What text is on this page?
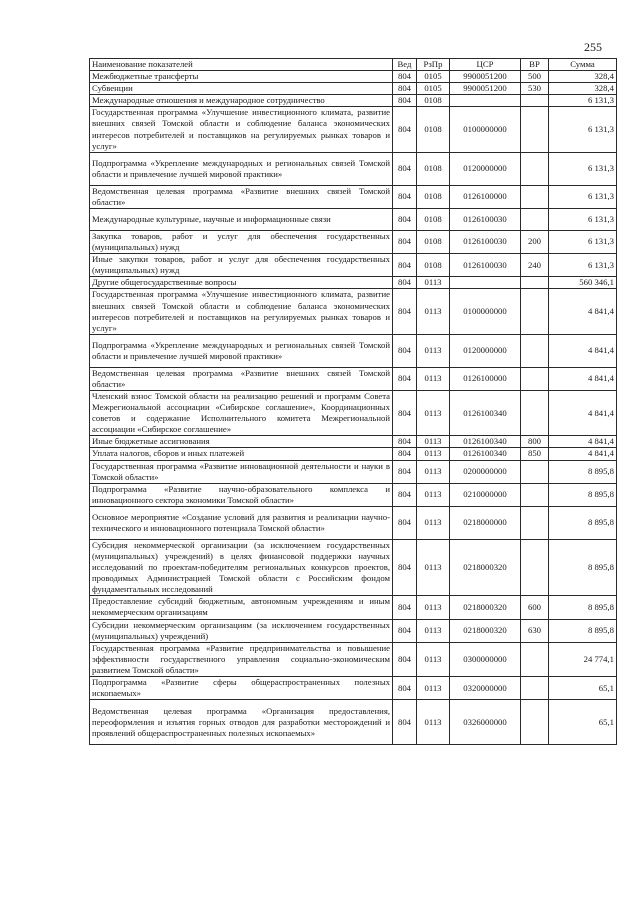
255
Наименование показателей	Вед	РзПр	ЦСР	ВР	Сумма
Межбюджетные трансферты	804	0105	9900051200	500	328,4
Субвенции	804	0105	9900051200	530	328,4
Международные отношения и международное сотрудничество	804	0108			6 131,3
Государственная программа «Улучшение инвестиционного климата, развитие внешних связей Томской области и соблюдение баланса экономических интересов потребителей и поставщиков на регулируемых рынках товаров и услуг»	804	0108	0100000000		6 131,3
Подпрограмма «Укрепление международных и региональных связей Томской области и привлечение лучшей мировой практики»	804	0108	0120000000		6 131,3
Ведомственная целевая программа «Развитие внешних связей Томской области»	804	0108	0126100000		6 131,3
Международные культурные, научные и информационные связи	804	0108	0126100030		6 131,3
Закупка товаров, работ и услуг для обеспечения государственных (муниципальных) нужд	804	0108	0126100030	200	6 131,3
Иные закупки товаров, работ и услуг для обеспечения государственных (муниципальных) нужд	804	0108	0126100030	240	6 131,3
Другие общегосударственные вопросы	804	0113			560 346,1
Государственная программа «Улучшение инвестиционного климата, развитие внешних связей Томской области и соблюдение баланса экономических интересов потребителей и поставщиков на регулируемых рынках товаров и услуг»	804	0113	0100000000		4 841,4
Подпрограмма «Укрепление международных и региональных связей Томской области и привлечение лучшей мировой практики»	804	0113	0120000000		4 841,4
Ведомственная целевая программа «Развитие внешних связей Томской области»	804	0113	0126100000		4 841,4
Членский взнос Томской области на реализацию решений и программ Совета Межрегиональной ассоциации «Сибирское соглашение», Координационных советов и содержание Исполнительного комитета Межрегиональной ассоциации «Сибирское соглашение»	804	0113	0126100340		4 841,4
Иные бюджетные ассигнования	804	0113	0126100340	800	4 841,4
Уплата налогов, сборов и иных платежей	804	0113	0126100340	850	4 841,4
Государственная программа «Развитие инновационной деятельности и науки в Томской области»	804	0113	0200000000		8 895,8
Подпрограмма «Развитие научно-образовательного комплекса и инновационного сектора экономики Томской области»	804	0113	0210000000		8 895,8
Основное мероприятие «Создание условий для развития и реализации научно-технического и инновационного потенциала Томской области»	804	0113	0218000000		8 895,8
Субсидия некоммерческой организации (за исключением государственных (муниципальных) учреждений) в целях финансовой поддержки научных исследований по проектам-победителям региональных конкурсов проектов, проводимых Администрацией Томской области с Российским фондом фундаментальных исследований	804	0113	0218000320		8 895,8
Предоставление субсидий бюджетным, автономным учреждениям и иным некоммерческим организациям	804	0113	0218000320	600	8 895,8
Субсидии некоммерческим организациям (за исключением государственных (муниципальных) учреждений)	804	0113	0218000320	630	8 895,8
Государственная программа «Развитие предпринимательства и повышение эффективности государственного управления социально-экономическим развитием Томской области»	804	0113	0300000000		24 774,1
Подпрограмма «Развитие сферы общераспространенных полезных ископаемых»	804	0113	0320000000		65,1
Ведомственная целевая программа «Организация предоставления, переоформления и изъятия горных отводов для разработки месторождений и проявлений общераспространенных полезных ископаемых»	804	0113	0326000000		65,1
